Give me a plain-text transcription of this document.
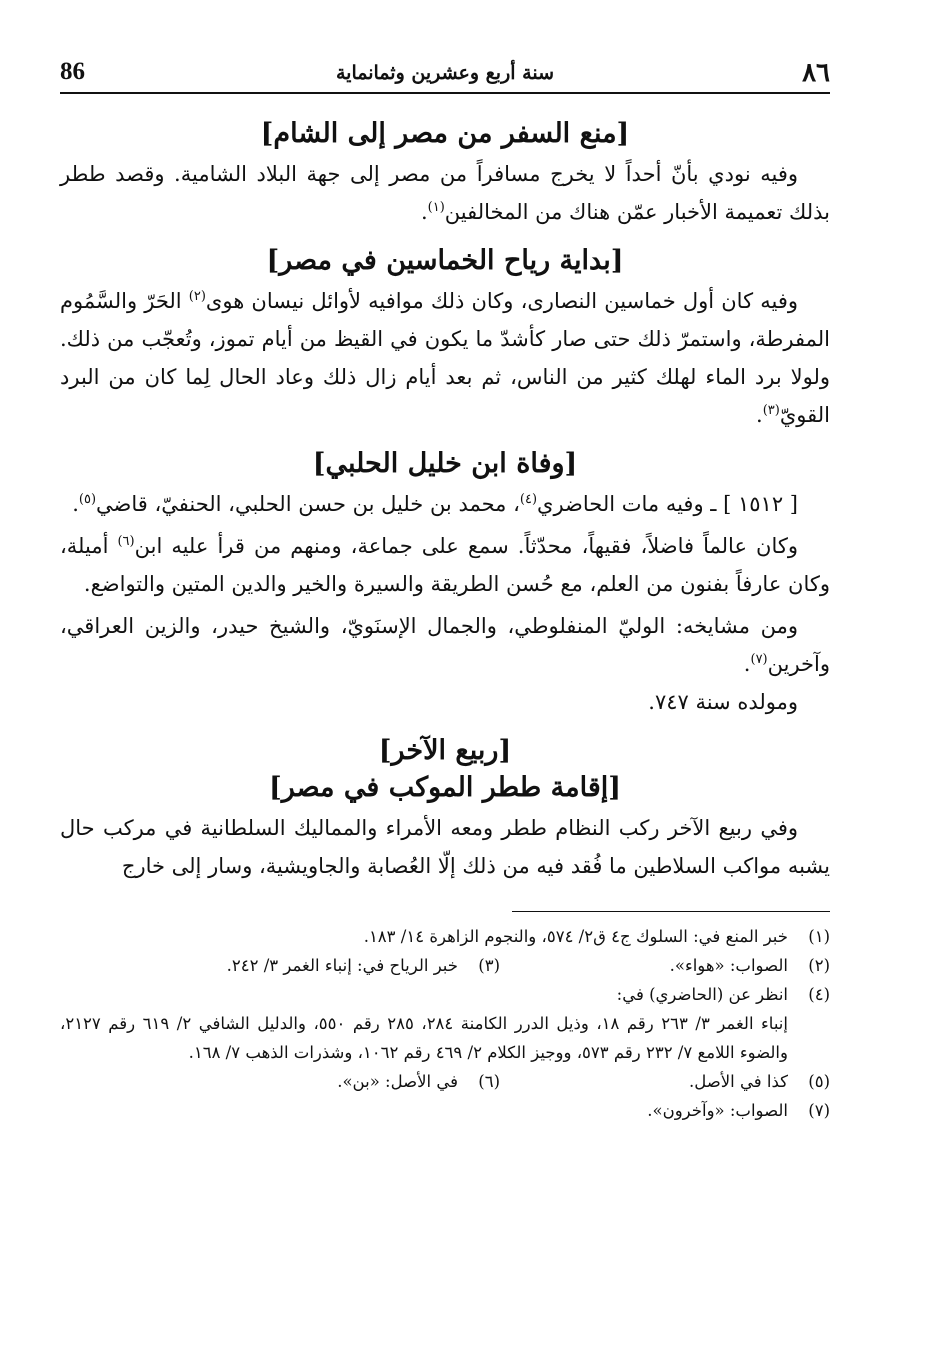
٨٦
سنة أربع وعشرين وثمانماية
86
[منع السفر من مصر إلى الشام]

وفيه نودي بأنّ أحداً لا يخرج مسافراً من مصر إلى جهة البلاد الشامية. وقصد ططر بذلك تعميمة الأخبار عمّن هناك من المخالفين$^{(١)}$.

[بداية رياح الخماسين في مصر]

وفيه كان أول خماسين النصارى، وكان ذلك موافيه لأوائل نيسان هوى$^{(٢)}$ الحَرّ والسَّمُوم المفرطة، واستمرّ ذلك حتى صار كأشدّ ما يكون في القيظ من أيام تموز، وتُعجّب من ذلك. ولولا برد الماء لهلك كثير من الناس، ثم بعد أيام زال ذلك وعاد الحال لِما كان من البرد القويّ$^{(٣)}$.

[وفاة ابن خليل الحلبي]

[ ١٥١٢ ] ـ وفيه مات الحاضري$^{(٤)}$، محمد بن خليل بن حسن الحلبي، الحنفيّ، قاضي$^{(٥)}$.

وكان عالماً فاضلاً، فقيهاً، محدّثاً. سمع على جماعة، ومنهم من قرأ عليه ابن$^{(٦)}$ أميلة، وكان عارفاً بفنون من العلم، مع حُسن الطريقة والسيرة والخير والدين المتين والتواضع.

ومن مشايخه: الوليّ المنفلوطي، والجمال الإسنَويّ، والشيخ حيدر، والزين العراقي، وآخرين$^{(٧)}$.

ومولده سنة ٧٤٧.

[ربيع الآخر]
[إقامة ططر الموكب في مصر]

وفي ربيع الآخر ركب النظام ططر ومعه الأمراء والمماليك السلطانية في مركب حال يشبه مواكب السلاطين ما فُقد فيه من ذلك إلّا العُصابة والجاويشية، وسار إلى خارج

(١)
خبر المنع في: السلوك ج٤ ق٢/ ٥٧٤، والنجوم الزاهرة ١٤/ ١٨٣.
(٢)
الصواب: «هواء».
(٣)
خبر الرياح في: إنباء الغمر ٣/ ٢٤٢.
(٤)
انظر عن (الحاضري) في:
إنباء الغمر ٣/ ٢٦٣ رقم ١٨، وذيل الدرر الكامنة ٢٨٤، ٢٨٥ رقم ٥٥٠، والدليل الشافي ٢/ ٦١٩ رقم ٢١٢٧، والضوء اللامع ٧/ ٢٣٢ رقم ٥٧٣، ووجيز الكلام ٢/ ٤٦٩ رقم ١٠٦٢، وشذرات الذهب ٧/ ١٦٨.
(٥)
كذا في الأصل.
(٦)
في الأصل: «بن».
(٧)
الصواب: «وآخرون».
